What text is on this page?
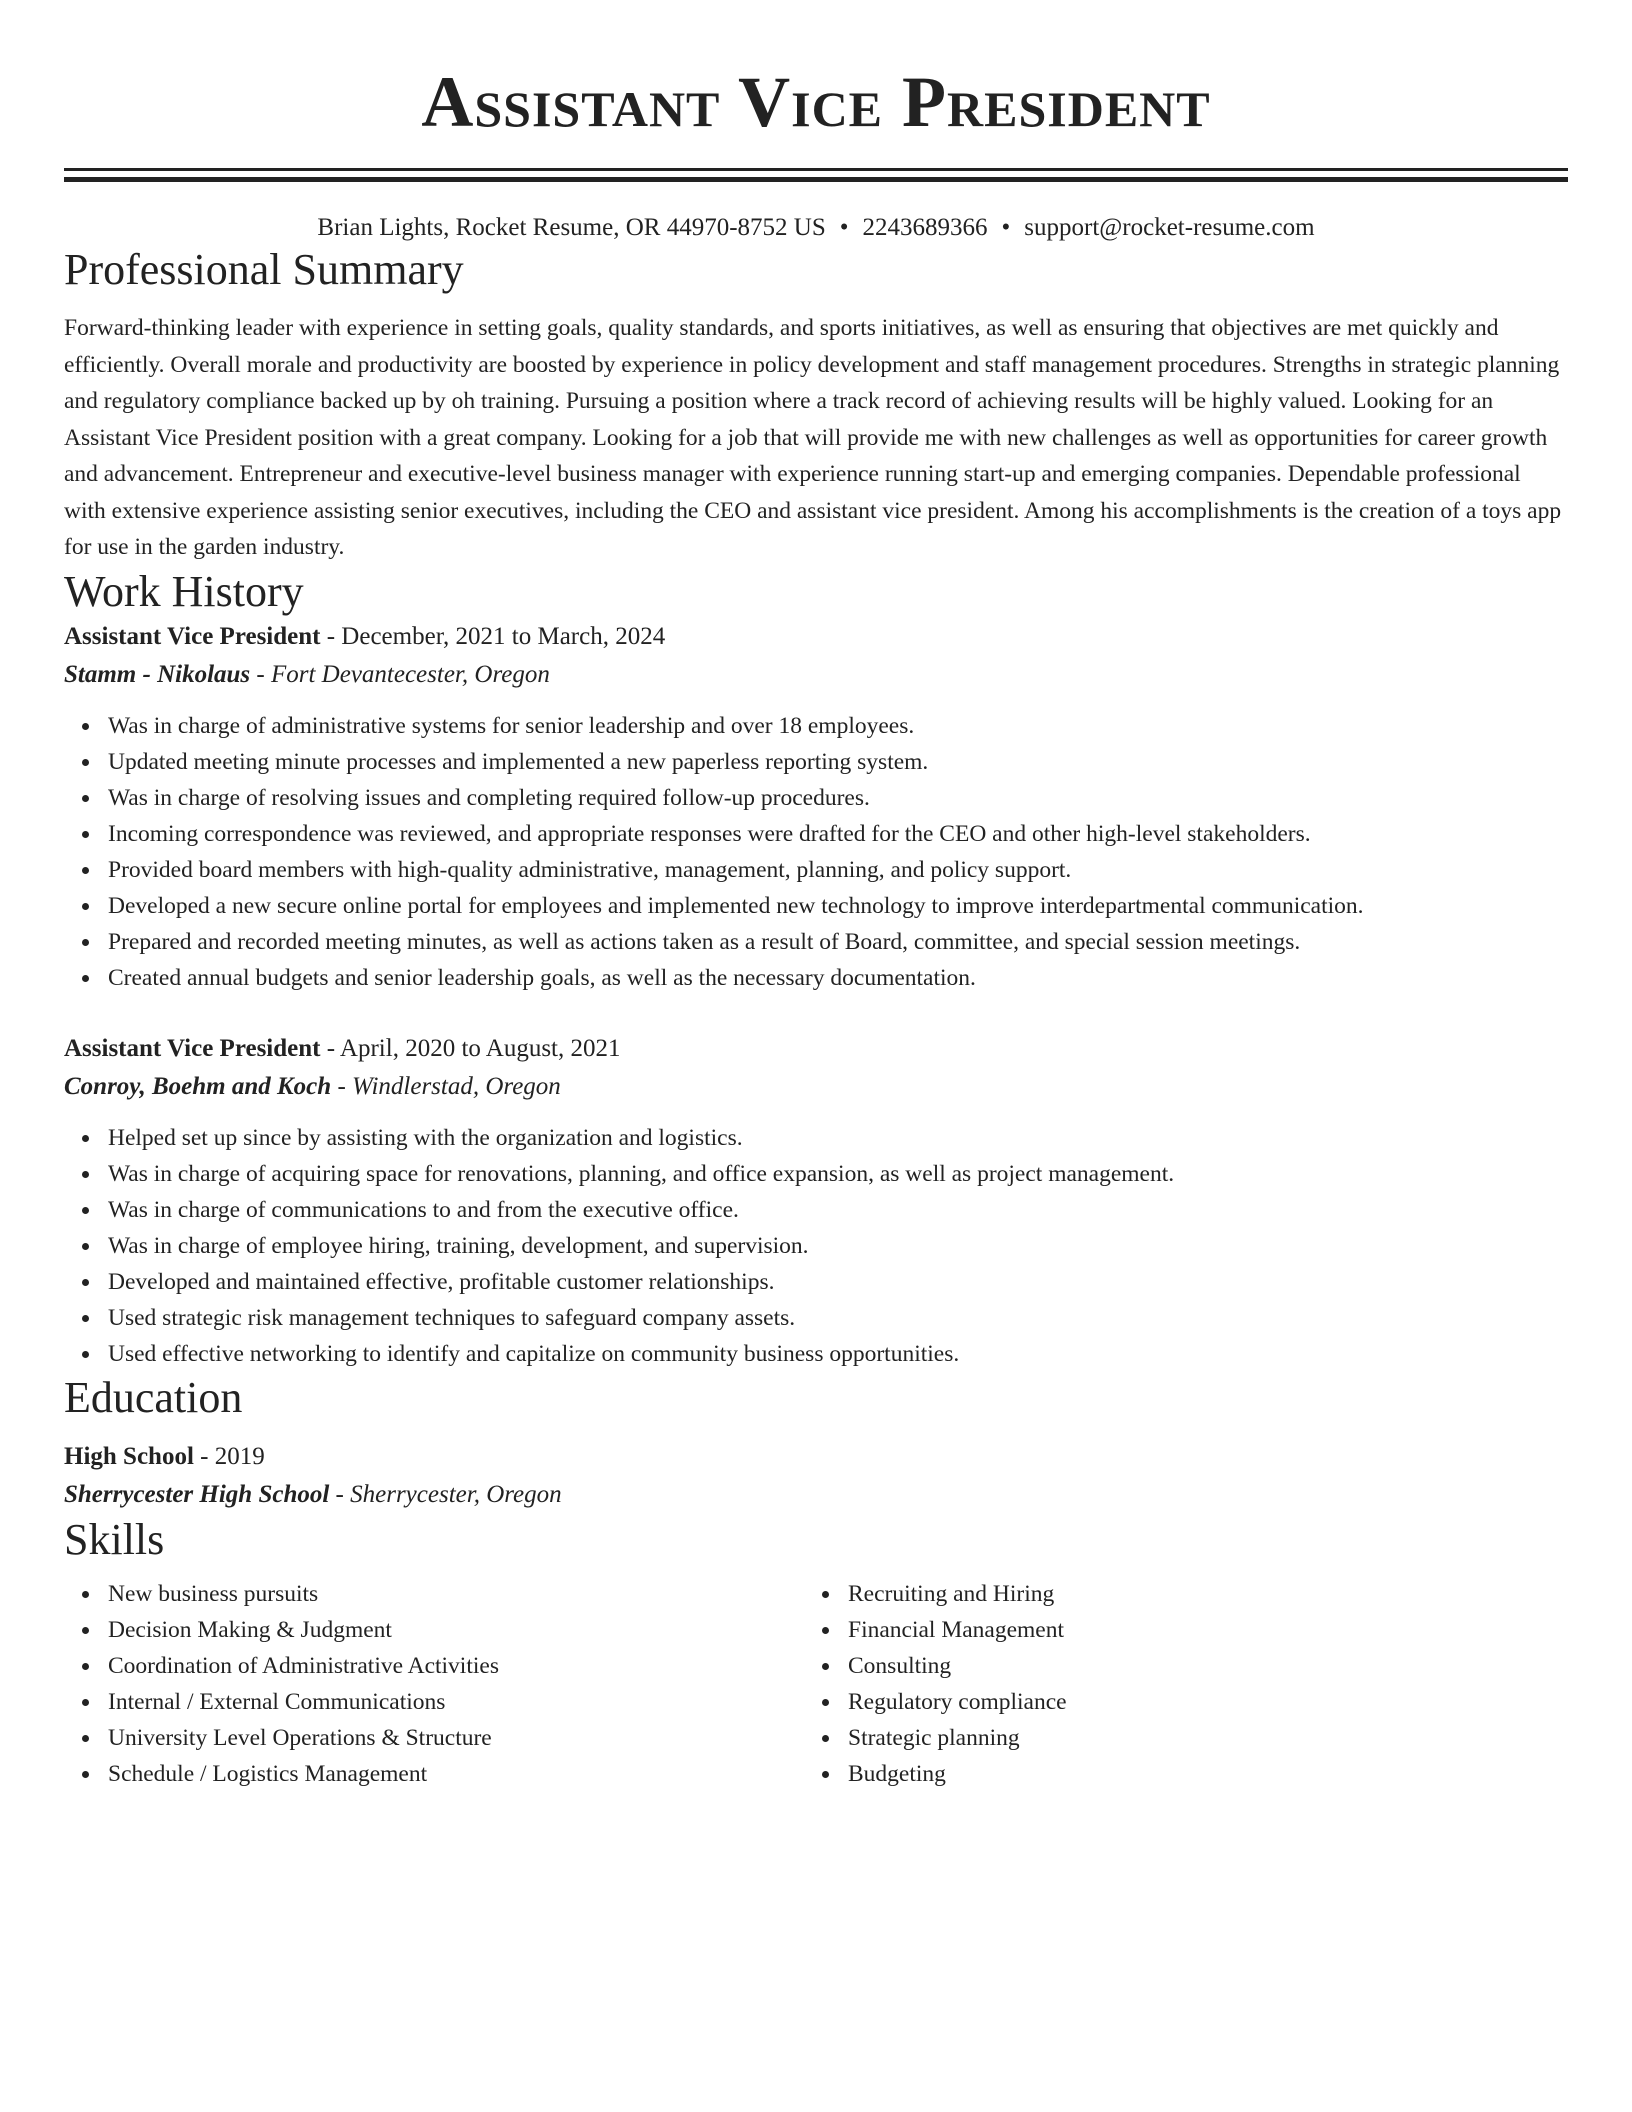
Assistant Vice President
Brian Lights, Rocket Resume, OR 44970-8752 US • 2243689366 • support@rocket-resume.com
Professional Summary

Forward-thinking leader with experience in setting goals, quality standards, and sports initiatives, as well as ensuring that objectives are met quickly and efficiently. Overall morale and productivity are boosted by experience in policy development and staff management procedures. Strengths in strategic planning and regulatory compliance backed up by oh training. Pursuing a position where a track record of achieving results will be highly valued. Looking for an Assistant Vice President position with a great company. Looking for a job that will provide me with new challenges as well as opportunities for career growth and advancement. Entrepreneur and executive-level business manager with experience running start-up and emerging companies. Dependable professional with extensive experience assisting senior executives, including the CEO and assistant vice president. Among his accomplishments is the creation of a toys app for use in the garden industry.

Work History

Assistant Vice President - December, 2021 to March, 2024

Stamm - Nikolaus - Fort Devantecester, Oregon

Was in charge of administrative systems for senior leadership and over 18 employees.
Updated meeting minute processes and implemented a new paperless reporting system.
Was in charge of resolving issues and completing required follow-up procedures.
Incoming correspondence was reviewed, and appropriate responses were drafted for the CEO and other high-level stakeholders.
Provided board members with high-quality administrative, management, planning, and policy support.
Developed a new secure online portal for employees and implemented new technology to improve interdepartmental communication.
Prepared and recorded meeting minutes, as well as actions taken as a result of Board, committee, and special session meetings.
Created annual budgets and senior leadership goals, as well as the necessary documentation.

Assistant Vice President - April, 2020 to August, 2021

Conroy, Boehm and Koch - Windlerstad, Oregon

Helped set up since by assisting with the organization and logistics.
Was in charge of acquiring space for renovations, planning, and office expansion, as well as project management.
Was in charge of communications to and from the executive office.
Was in charge of employee hiring, training, development, and supervision.
Developed and maintained effective, profitable customer relationships.
Used strategic risk management techniques to safeguard company assets.
Used effective networking to identify and capitalize on community business opportunities.
Education

High School - 2019

Sherrycester High School - Sherrycester, Oregon

Skills
New business pursuits
Decision Making & Judgment
Coordination of Administrative Activities
Internal / External Communications
University Level Operations & Structure
Schedule / Logistics Management
Recruiting and Hiring
Financial Management
Consulting
Regulatory compliance
Strategic planning
Budgeting
